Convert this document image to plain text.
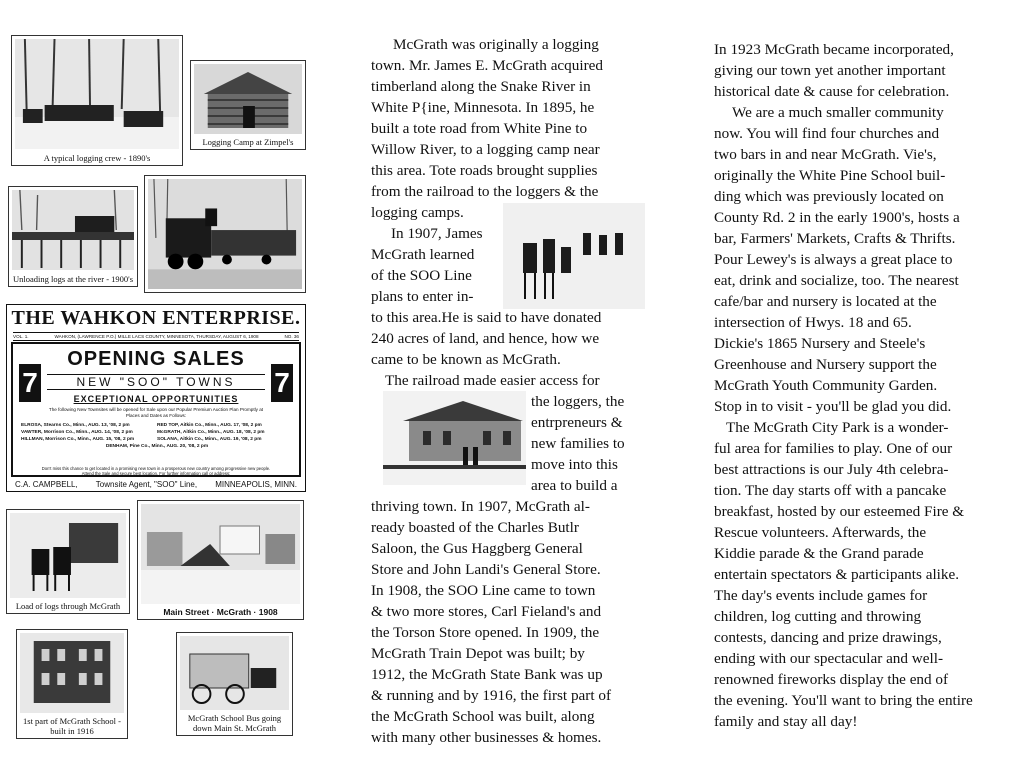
A typical logging crew - 1890's
Logging Camp at Zimpel's
Unloading logs at the river - 1900's
THE WAHKON ENTERPRISE.
VOL. 1.	WAHKON, (LAWRENCE P.O.) MILLE LACS COUNTY, MINNESOTA, THURSDAY, AUGUST 6, 1908	NO. 36
OPENING SALES
7	7
NEW "SOO" TOWNS
EXCEPTIONAL OPPORTUNITIES
The following New Townsites will be opened for Sale upon our Popular Premium Auction Plan Promptly at
Places and Dates as Follows:
ELROSA, Stearns Co., Minn., AUG. 13, '08, 2 pm	RED TOP, Aitkin Co., Minn., AUG. 17, '08, 2 pm
VAWTER, Morrison Co., Minn., AUG. 14, '08, 2 pm	McGRATH, Aitkin Co., Minn., AUG. 18, '08, 2 pm
HILLMAN, Morrison Co., Minn., AUG. 15, '08, 2 pm	SOLANA, Aitkin Co., Minn., AUG. 19, '08, 2 pm
DENHAM, Pine Co., Minn., AUG. 20, '08, 2 pm
Don't miss this chance to get located in a promising new town in a prosperous new country among progressive new people.
Attend the Sale and secure best location. For further information call or address:
C.A. CAMPBELL, Townsite Agent, "SOO" Line, MINNEAPOLIS, MINN.
Load of logs through McGrath
Main Street · McGrath · 1908
1st part of McGrath School -
built in 1916
McGrath School Bus going
down Main St. McGrath
McGrath was originally a logging
town. Mr. James E. McGrath acquired
timberland along the Snake River in
White P{ine, Minnesota. In 1895, he
built a tote road from White Pine to
Willow River, to a logging camp near
this area. Tote roads brought supplies
from the railroad to the loggers & the
logging camps.
In 1907, James
McGrath learned
of the SOO Line
plans to enter in-
to this area.He is said to have donated
240 acres of land, and hence, how we
came to be known as McGrath.
The railroad made easier access for
the loggers, the
entrpreneurs &
new families to
move into this
area to build a
thriving town. In 1907, McGrath al-
ready boasted of the Charles Butlr
Saloon, the Gus Haggberg General
Store and John Landi's General Store.
In 1908, the SOO Line came to town
& two more stores, Carl Fieland's and
the Torson Store opened. In 1909, the
McGrath Train Depot was built; by
1912, the McGrath State Bank was up
& running and by 1916, the first part of
the McGrath School was built, along
with many other businesses & homes.
In 1923 McGrath became incorporated,
giving our town yet another important
historical date & cause for celebration.
We are a much smaller community
now. You will find four churches and
two bars in and near McGrath. Vie's,
originally the White Pine School buil-
ding which was previously located on
County Rd. 2 in the early 1900's, hosts a
bar, Farmers' Markets, Crafts & Thrifts.
Pour Lewey's is always a great place to
eat, drink and socialize, too. The nearest
cafe/bar and nursery is located at the
intersection of Hwys. 18 and 65.
Dickie's 1865 Nursery and Steele's
Greenhouse and Nursery support the
McGrath Youth Community Garden.
Stop in to visit - you'll be glad you did.
The McGrath City Park is a wonder-
ful area for families to play. One of our
best attractions is our July 4th celebra-
tion. The day starts off with a pancake
breakfast, hosted by our esteemed Fire &
Rescue volunteers. Afterwards, the
Kiddie parade & the Grand parade
entertain spectators & participants alike.
The day's events include games for
children, log cutting and throwing
contests, dancing and prize drawings,
ending with our spectacular and well-
renowned fireworks display the end of
the evening. You'll want to bring the entire
family and stay all day!
